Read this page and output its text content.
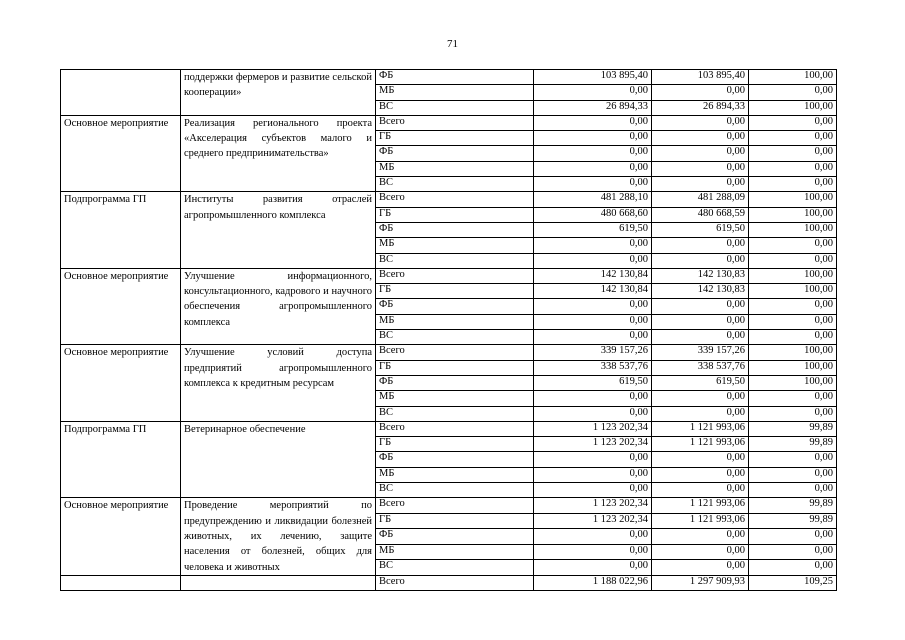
71
	поддержки фермеров и развитие сельской кооперации»	ФБ	103 895,40	103 895,40	100,00
		МБ	0,00	0,00	0,00
		ВС	26 894,33	26 894,33	100,00
Основное мероприятие	Реализация регионального проекта «Акселерация субъектов малого и среднего предпринимательства»	Всего	0,00	0,00	0,00
		ГБ	0,00	0,00	0,00
		ФБ	0,00	0,00	0,00
		МБ	0,00	0,00	0,00
		ВС	0,00	0,00	0,00
Подпрограмма ГП	Институты развития отраслей агропромышленного комплекса	Всего	481 288,10	481 288,09	100,00
		ГБ	480 668,60	480 668,59	100,00
		ФБ	619,50	619,50	100,00
		МБ	0,00	0,00	0,00
		ВС	0,00	0,00	0,00
Основное мероприятие	Улучшение информационного, консультационного, кадрового и научного обеспечения агропромышленного комплекса	Всего	142 130,84	142 130,83	100,00
		ГБ	142 130,84	142 130,83	100,00
		ФБ	0,00	0,00	0,00
		МБ	0,00	0,00	0,00
		ВС	0,00	0,00	0,00
Основное мероприятие	Улучшение условий доступа предприятий агропромышленного комплекса к кредитным ресурсам	Всего	339 157,26	339 157,26	100,00
		ГБ	338 537,76	338 537,76	100,00
		ФБ	619,50	619,50	100,00
		МБ	0,00	0,00	0,00
		ВС	0,00	0,00	0,00
Подпрограмма ГП	Ветеринарное обеспечение	Всего	1 123 202,34	1 121 993,06	99,89
		ГБ	1 123 202,34	1 121 993,06	99,89
		ФБ	0,00	0,00	0,00
		МБ	0,00	0,00	0,00
		ВС	0,00	0,00	0,00
Основное мероприятие	Проведение мероприятий по предупреждению и ликвидации болезней животных, их лечению, защите населения от болезней, общих для человека и животных	Всего	1 123 202,34	1 121 993,06	99,89
		ГБ	1 123 202,34	1 121 993,06	99,89
		ФБ	0,00	0,00	0,00
		МБ	0,00	0,00	0,00
		ВС	0,00	0,00	0,00
		Всего	1 188 022,96	1 297 909,93	109,25
